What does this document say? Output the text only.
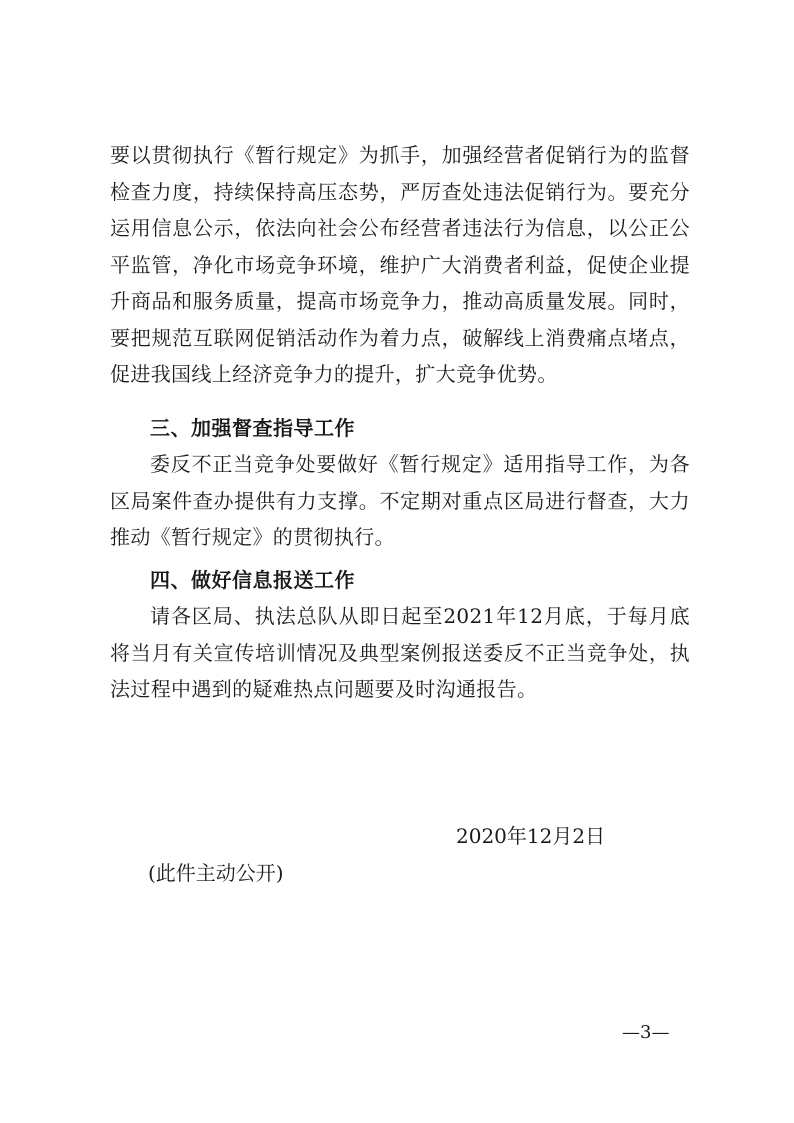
要以贯彻执行《暂行规定》为抓手，加强经营者促销行为的监督检查力度，持续保持高压态势，严厉查处违法促销行为。要充分运用信息公示，依法向社会公布经营者违法行为信息，以公正公平监管，净化市场竞争环境，维护广大消费者利益，促使企业提升商品和服务质量，提高市场竞争力，推动高质量发展。同时，要把规范互联网促销活动作为着力点，破解线上消费痛点堵点，促进我国线上经济竞争力的提升，扩大竞争优势。

三、加强督查指导工作

委反不正当竞争处要做好《暂行规定》适用指导工作，为各区局案件查办提供有力支撑。不定期对重点区局进行督查，大力推动《暂行规定》的贯彻执行。

四、做好信息报送工作

请各区局、执法总队从即日起至2021年12月底，于每月底将当月有关宣传培训情况及典型案例报送委反不正当竞争处，执法过程中遇到的疑难热点问题要及时沟通报告。

2020年12月2日

(此件主动公开)

—3—
